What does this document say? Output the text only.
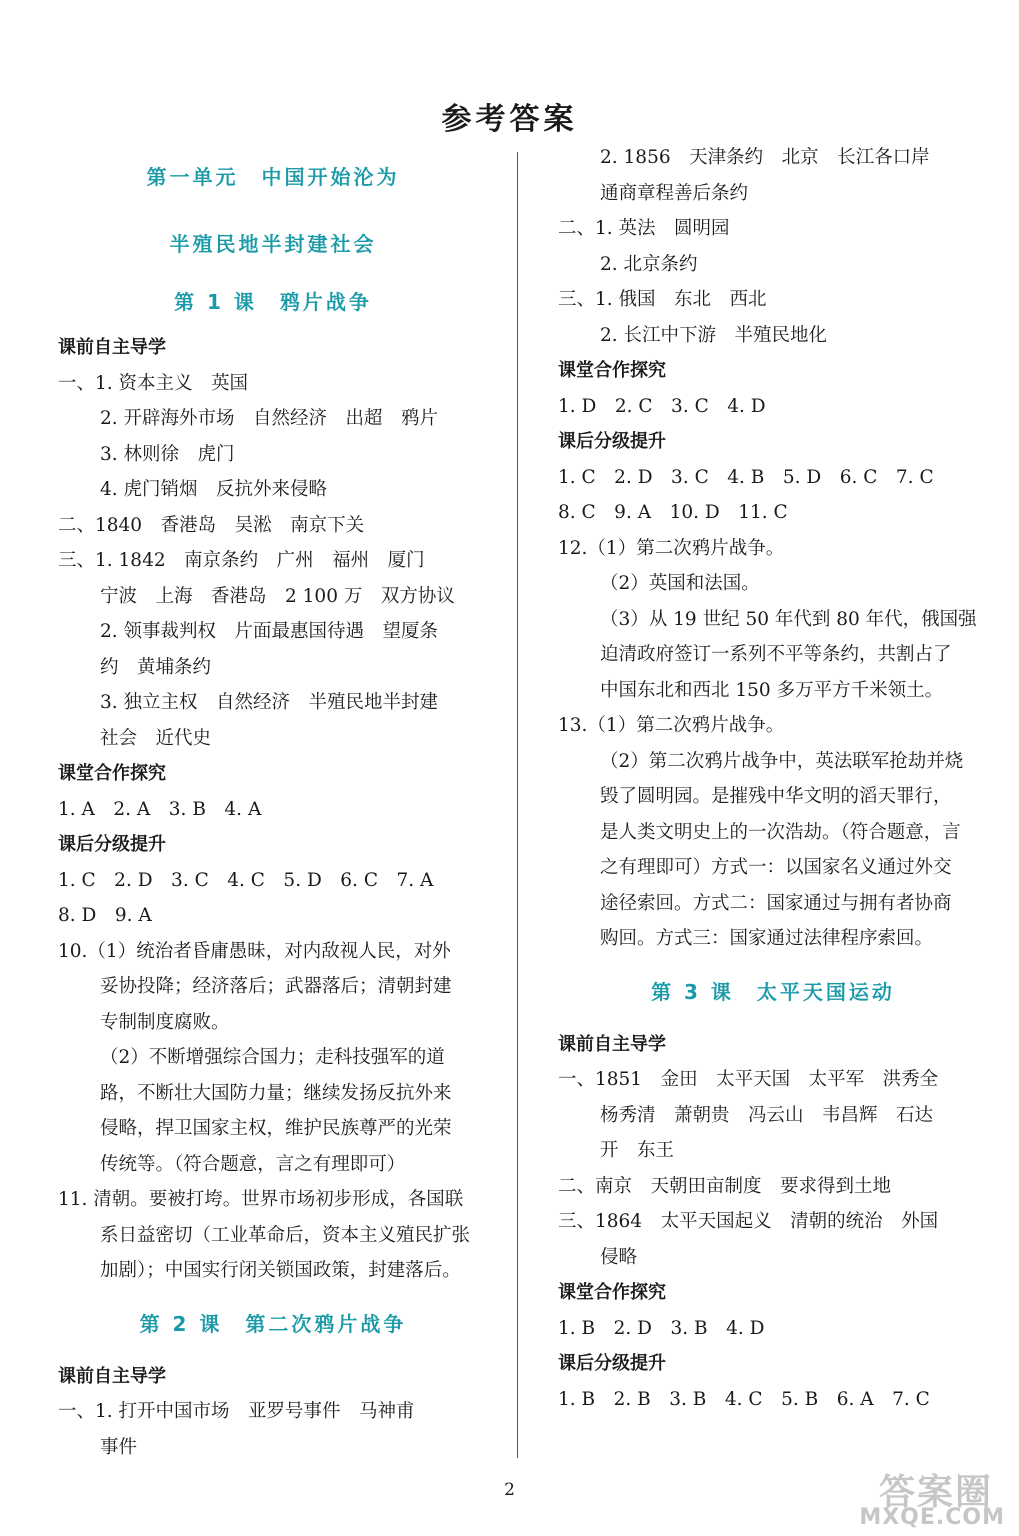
参考答案
第一单元　中国开始沦为
半殖民地半封建社会
第 1 课　鸦片战争
课前自主导学
一、1. 资本主义　英国
2. 开辟海外市场　自然经济　出超　鸦片
3. 林则徐　虎门
4. 虎门销烟　反抗外来侵略
二、1840　香港岛　吴淞　南京下关
三、1. 1842　南京条约　广州　福州　厦门
宁波　上海　香港岛　2 100 万　双方协议
2. 领事裁判权　片面最惠国待遇　望厦条
约　黄埔条约
3. 独立主权　自然经济　半殖民地半封建
社会　近代史
课堂合作探究
1. A　2. A　3. B　4. A
课后分级提升
1. C　2. D　3. C　4. C　5. D　6. C　7. A
8. D　9. A
10.（1）统治者昏庸愚昧，对内敌视人民，对外
妥协投降；经济落后；武器落后；清朝封建
专制制度腐败。
（2）不断增强综合国力；走科技强军的道
路，不断壮大国防力量；继续发扬反抗外来
侵略，捍卫国家主权，维护民族尊严的光荣
传统等。（符合题意，言之有理即可）
11. 清朝。要被打垮。世界市场初步形成，各国联
系日益密切（工业革命后，资本主义殖民扩张
加剧）；中国实行闭关锁国政策，封建落后。
第 2 课　第二次鸦片战争
课前自主导学
一、1. 打开中国市场　亚罗号事件　马神甫
事件
2. 1856　天津条约　北京　长江各口岸
通商章程善后条约
二、1. 英法　圆明园
2. 北京条约
三、1. 俄国　东北　西北
2. 长江中下游　半殖民地化
课堂合作探究
1. D　2. C　3. C　4. D
课后分级提升
1. C　2. D　3. C　4. B　5. D　6. C　7. C
8. C　9. A　10. D　11. C
12.（1）第二次鸦片战争。
（2）英国和法国。
（3）从 19 世纪 50 年代到 80 年代，俄国强
迫清政府签订一系列不平等条约，共割占了
中国东北和西北 150 多万平方千米领土。
13.（1）第二次鸦片战争。
（2）第二次鸦片战争中，英法联军抢劫并烧
毁了圆明园。是摧残中华文明的滔天罪行，
是人类文明史上的一次浩劫。（符合题意，言
之有理即可）方式一：以国家名义通过外交
途径索回。方式二：国家通过与拥有者协商
购回。方式三：国家通过法律程序索回。
第 3 课　太平天国运动
课前自主导学
一、1851　金田　太平天国　太平军　洪秀全
杨秀清　萧朝贵　冯云山　韦昌辉　石达
开　东王
二、南京　天朝田亩制度　要求得到土地
三、1864　太平天国起义　清朝的统治　外国
侵略
课堂合作探究
1. B　2. D　3. B　4. D
课后分级提升
1. B　2. B　3. B　4. C　5. B　6. A　7. C
2	答案圈
MXQE.COM
